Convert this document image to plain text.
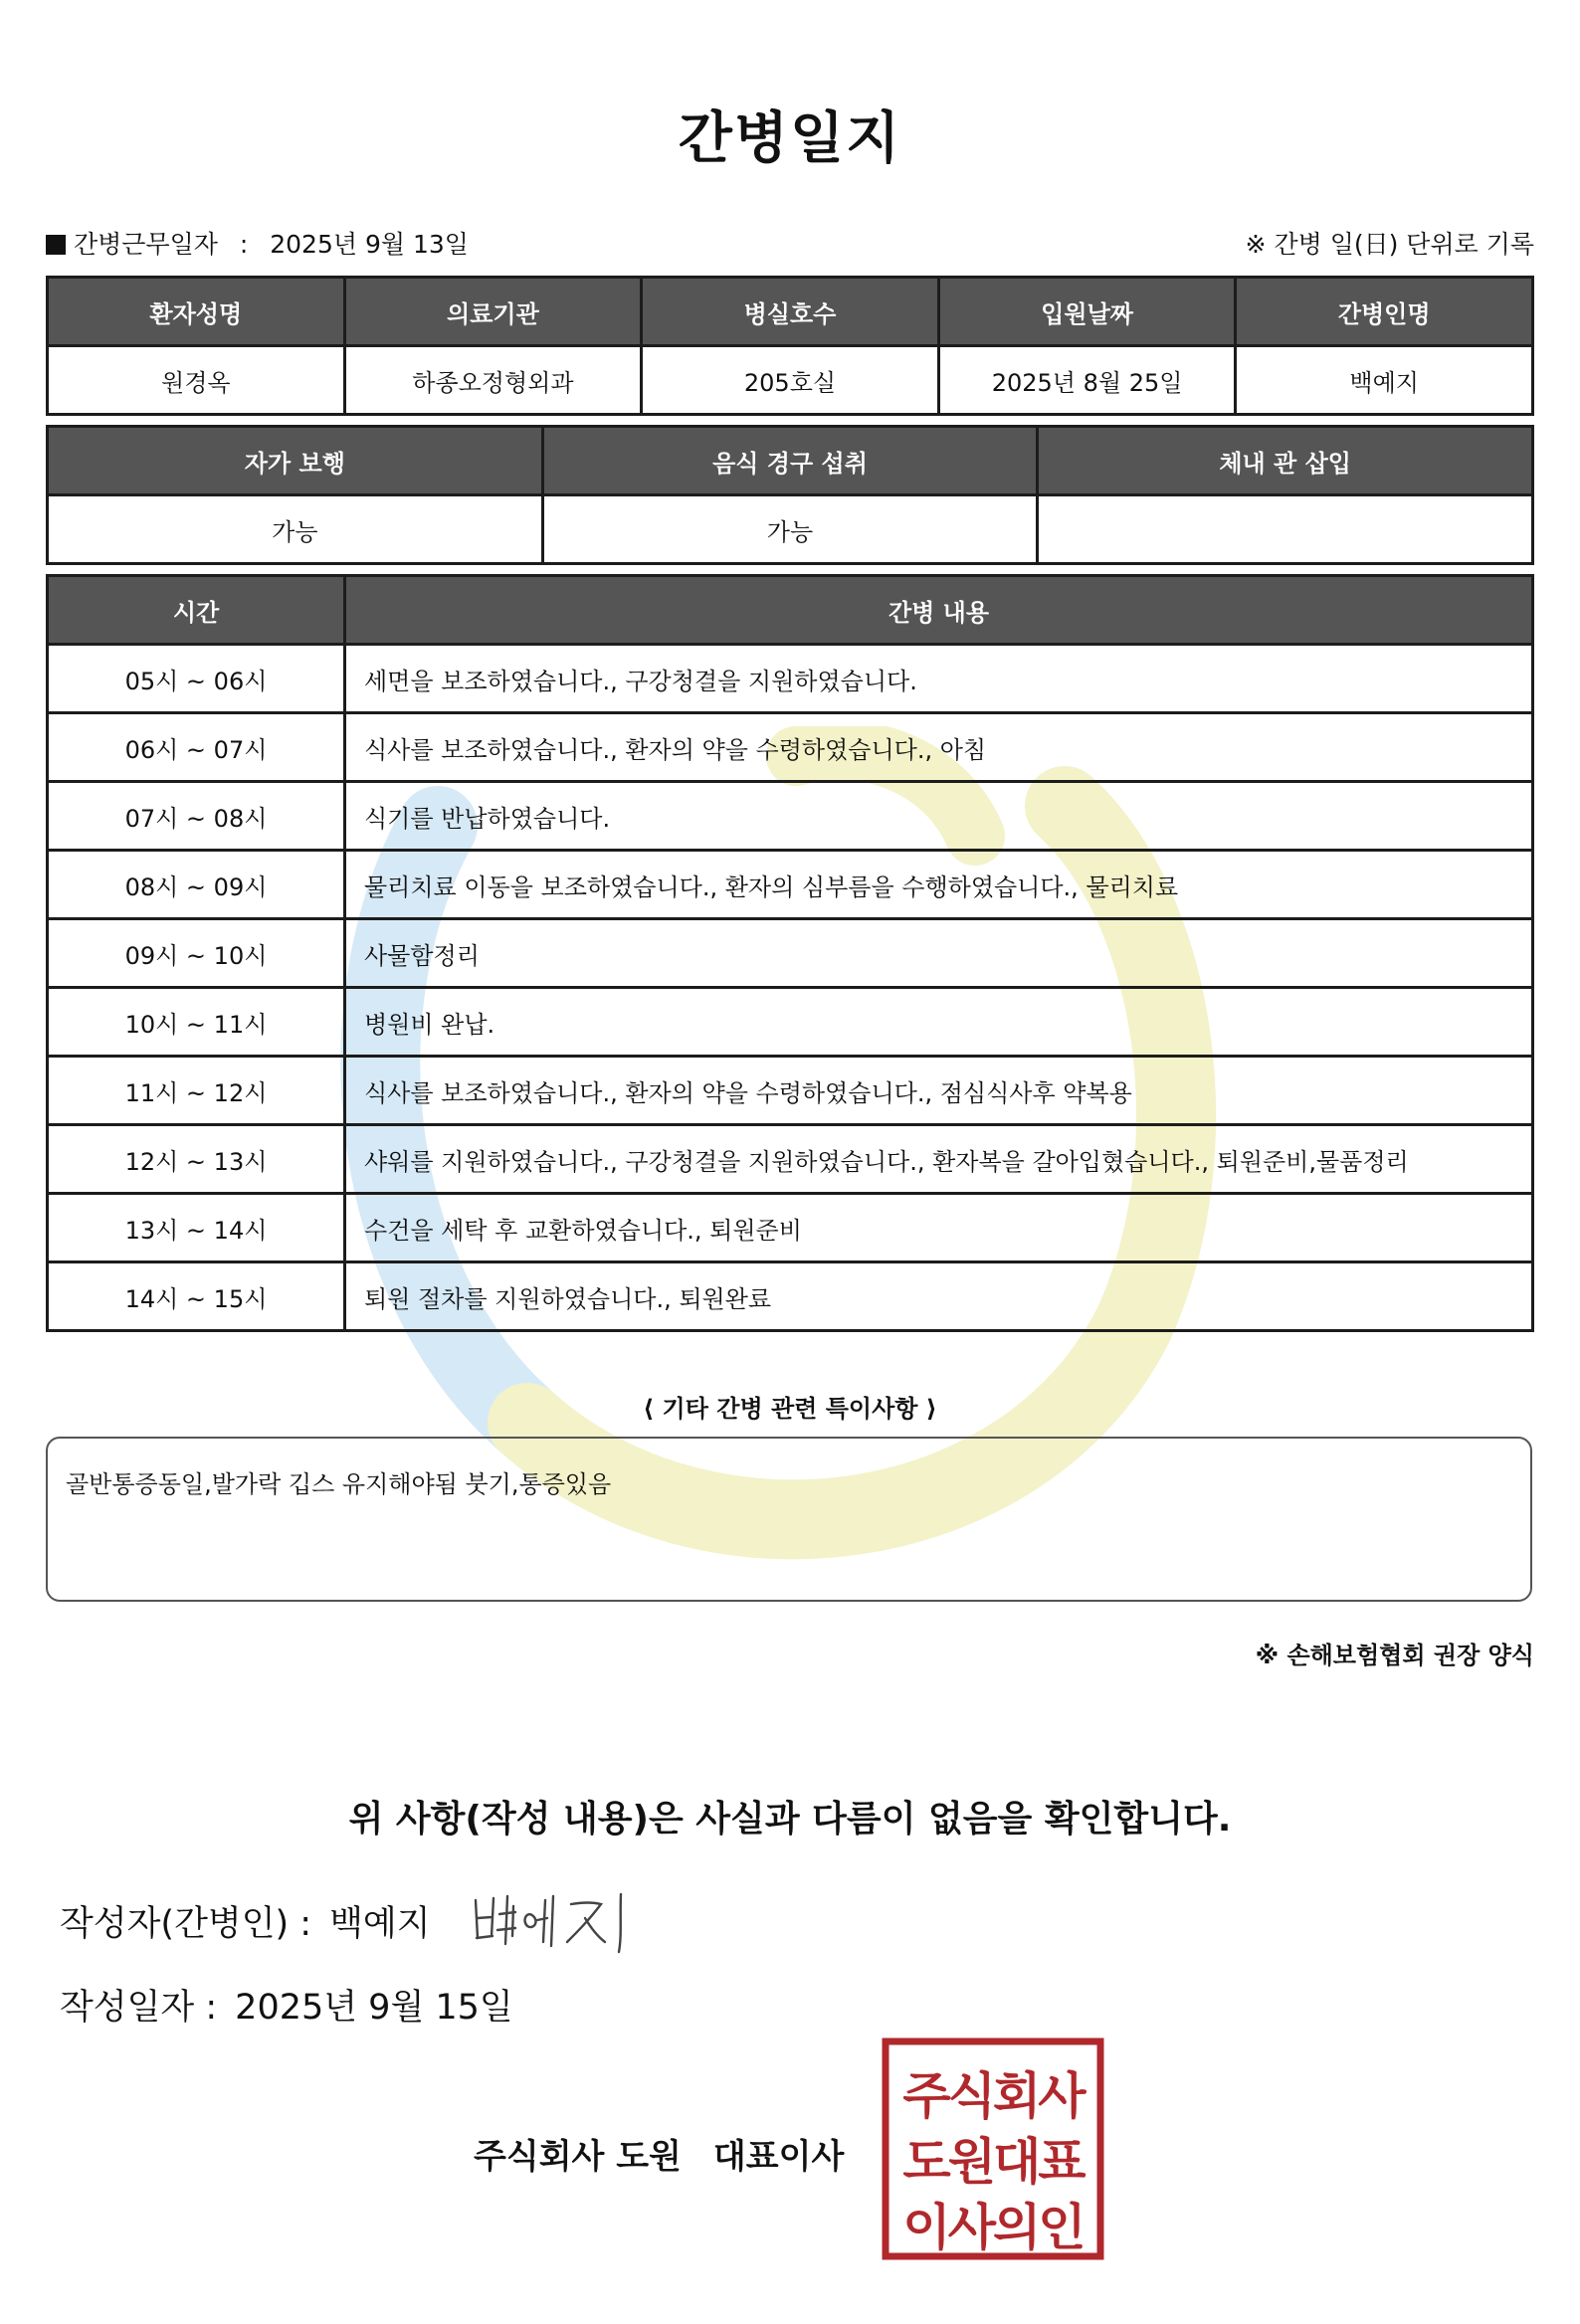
간병일지
간병근무일자 : 2025년 9월 13일	※ 간병 일(日) 단위로 기록
환자성명	의료기관	병실호수	입원날짜	간병인명
원경옥	하종오정형외과	205호실	2025년 8월 25일	백예지
자가 보행	음식 경구 섭취	체내 관 삽입
가능	가능	
시간	간병 내용
05시 ~ 06시	세면을 보조하였습니다., 구강청결을 지원하였습니다.
06시 ~ 07시	식사를 보조하였습니다., 환자의 약을 수령하였습니다., 아침
07시 ~ 08시	식기를 반납하였습니다.
08시 ~ 09시	물리치료 이동을 보조하였습니다., 환자의 심부름을 수행하였습니다., 물리치료
09시 ~ 10시	사물함정리
10시 ~ 11시	병원비 완납.
11시 ~ 12시	식사를 보조하였습니다., 환자의 약을 수령하였습니다., 점심식사후 약복용
12시 ~ 13시	샤워를 지원하였습니다., 구강청결을 지원하였습니다., 환자복을 갈아입혔습니다., 퇴원준비,물품정리
13시 ~ 14시	수건을 세탁 후 교환하였습니다., 퇴원준비
14시 ~ 15시	퇴원 절차를 지원하였습니다., 퇴원완료
⟨ 기타 간병 관련 특이사항 ⟩
골반통증동일,발가락 깁스 유지해야됨 붓기,통증있음
※ 손해보험협회 권장 양식
위 사항(작성 내용)은 사실과 다름이 없음을 확인합니다.
작성자(간병인) : 백예지
작성일자 : 2025년 9월 15일
주식회사 도원 대표이사
주식회사
도원대표
이사의인
